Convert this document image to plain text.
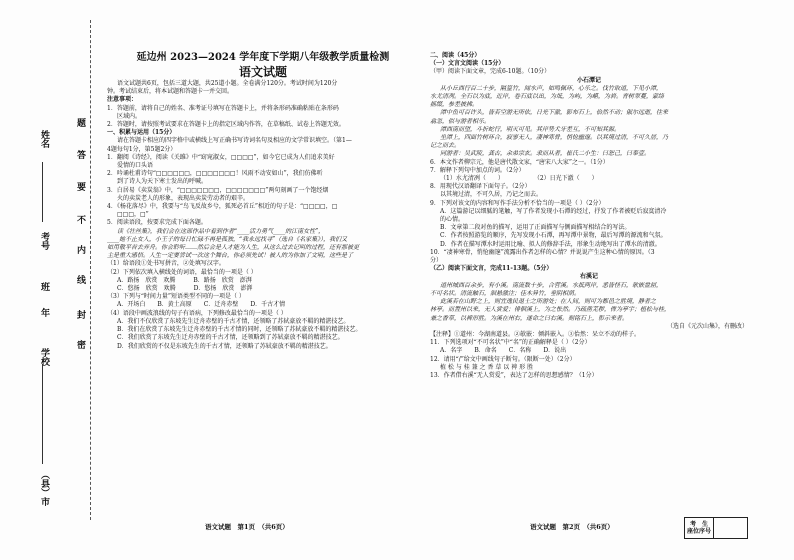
姓名
考号
班
年
学校
（县）市
密
封
线
内
不
要
答
题

延边州 2023—2024 学年度下学期八年级教学质量检测

语文试题

语文试题共6页，包括三道大题，共25道小题。全卷满分120分。考试时间为120分

钟。考试结束后，将本试题和答题卡一并交回。

注意事项：

1．答题前，请将自己的姓名、准考证号填写在答题卡上，并将条形码准确粘贴在条形码

区域内。

2．答题时，请按照考试要求在答题卡上的指定区域内作答，在草稿纸、试卷上答题无效。

一、积累与运用（15分）

请在答题卡相应的四字格中或横线上写正确书写诗词名句及相应的文学常识填空。（第1—

4题每句1分，第5题2分）

1．翻阅《诗经》，阅读《关雎》中“窈窕淑女，□□□□”，如今它已成为人们追求美好

爱情的口头语

2．吟诵杜甫诗句“□□□□□□，□□□□□□□！风雨不动安如山”，我们仿佛听

到了诗人为天下寒士发出的呼喊。

3．白居易《卖炭翁》中，“□□□□□□□，□□□□□□□”两句刻画了一个饱经烟

火的卖炭老人的形象，表现出卖炭劳动者的艰辛。

4．《杨花落尽》中，我要与“鸟飞反故乡兮，狐死必首丘”相近的句子是：“□□□□，□

□□□，□”

5．阅读语段，按要求完成下面各题。

读《壮丝集》，我们会在这部作品中看到作者“____活力勇气____的江南女性”，

____她不止女人，小王子的每日忙碌不再是孤独，“我永远找寻”（选自《名家集》），我们又

如用敬平首去弄舟。你会聆听……然后会是人才能为人生，从这么过去记叫的过程，还有那被更

主是重大感悟。人生一定要尝试一次这个舞台，你必须先试！被人的为你加了文明，这些是了

（1）给语段①处书写拼音，②处填写汉字。

（2）下列依次填入横线处的词语，最恰当的一项是（ ）

A．路扬　欣赏　欢腾　　　B．路扬　欣赏　澎湃

C．悠扬　欣赏　欢腾　　　D．悠扬　欣赏　澎湃

（3）下列与“时间力量”短语类型不同的一项是（ ）

A．开场白　　B．黄土高原　　C．迁舟赤壁　　D．千古才情

（4）语段中画波浪线的句子有语病，下列修改最恰当的一项是（ ）

A．我们不仅欣赏了东坡先生迁舟赤壁的千古才情，还领略了苏轼豪放不羁的精湛技艺。

B．我们在欣赏了东坡先生迁舟赤壁的千古才情的同时，还领略了苏轼豪放不羁的精湛技艺。

C．我们欣赏了东坡先生迁舟赤壁的千古才情，还领略到了苏轼豪放不羁的精湛技艺。

D．我们欣赏的不仅是东坡先生的千古才情，还领略了苏轼豪放不羁的精湛技艺。

二、阅读（45分）

（一）文言文阅读（15分）

（甲）阅读下面文章，完成6-10题。（10分）

小石潭记

从小丘西行百二十步，隔篁竹，闻水声，如鸣佩环，心乐之。伐竹取道，下见小潭，

水尤清冽。全石以为底，近岸，卷石底以出，为坻，为屿，为嵁，为岩。青树翠蔓，蒙络

摇缀，参差披拂。

潭中鱼可百许头，皆若空游无所依，日光下澈，影布石上，佁然不动；俶尔远逝，往来

翕忽，似与游者相乐。

潭西南而望，斗折蛇行，明灭可见。其岸势犬牙差互，不可知其源。

坐潭上，四面竹树环合，寂寥无人，凄神寒骨，悄怆幽邃。以其境过清，不可久居，乃

记之而去。

同游者：吴武陵，龚古，余弟宗玄。隶而从者，崔氏二小生：曰恕己，曰奉壹。

6．本文作者柳宗元，他是唐代散文家，“唐宋八大家”之一。（1分）

7．解释下列句中加点的词。（2分）

（1）水尤清冽（　　）　　　　　　（2）日光下澈（　　）

8．用现代汉语翻译下面句子。（2分）

以其境过清，不可久居，乃记之而去。

9．下列对该文的内容和写作手法分析不恰当的一项是（ ）（2分）

A．这篇游记以细腻的笔触，写了作者发现小石潭的经过，抒发了作者被贬后寂寞清冷

的心情。

B．文章第二段对鱼的描写，运用了正面描写与侧面描写相结合的写法。

C．作者按照游览的顺序，先写发现小石潭，再写潭中景物，最后写潭的源流和气氛。

D．作者在描写潭水时运用比喻、拟人的修辞手法，形象生动地写出了潭水的清澈。

10．“凄神寒骨，悄怆幽邃”流露出作者怎样的心情？并说说产生这种心情的原因。（3

分）

（乙）阅读下面文言，完成11-13题。（5分）

右溪记

道州城西百余步，有小溪。南流数十步，合营溪。水抵两岸，悉皆怪石，欹嵌盘屈，

不可名状。清流触石，洄悬激注；佳木异竹，垂阴相荫。

此溪若在山野之上，则宜逸民退士之所游处；在人间，则可为都邑之胜境，静者之

林亭。而置州以来，无人赏爱；徘徊溪上，为之怅然。乃疏凿芜秽，俾为亭宇；植松与桂，

兼之香草，以裨形胜。为溪在州右，遂命之曰右溪。刻铭石上，彰示来者。

（选自《元次山集》，有删改）

【注释】①道州：今湖南道县。②欹嵌：倾斜嵌入。③佁然：呆立不动的样子。

11．下列选项对“不可名状”中“名”的正确解释是（ ）（2分）

A．名字　　B．命名　　C．名称　　D．说出

12．请用“/”给文中画线句子断句。（限断一处）（2分）

植 松 与 桂 兼 之 香 草 以 裨 形 胜

13．作者借右溪“无人赏爱”，表达了怎样的思想感情？（1分）

语文试题　第1页　（共6页）	语文试题　第2页　（共6页）	考　生
座位序号
